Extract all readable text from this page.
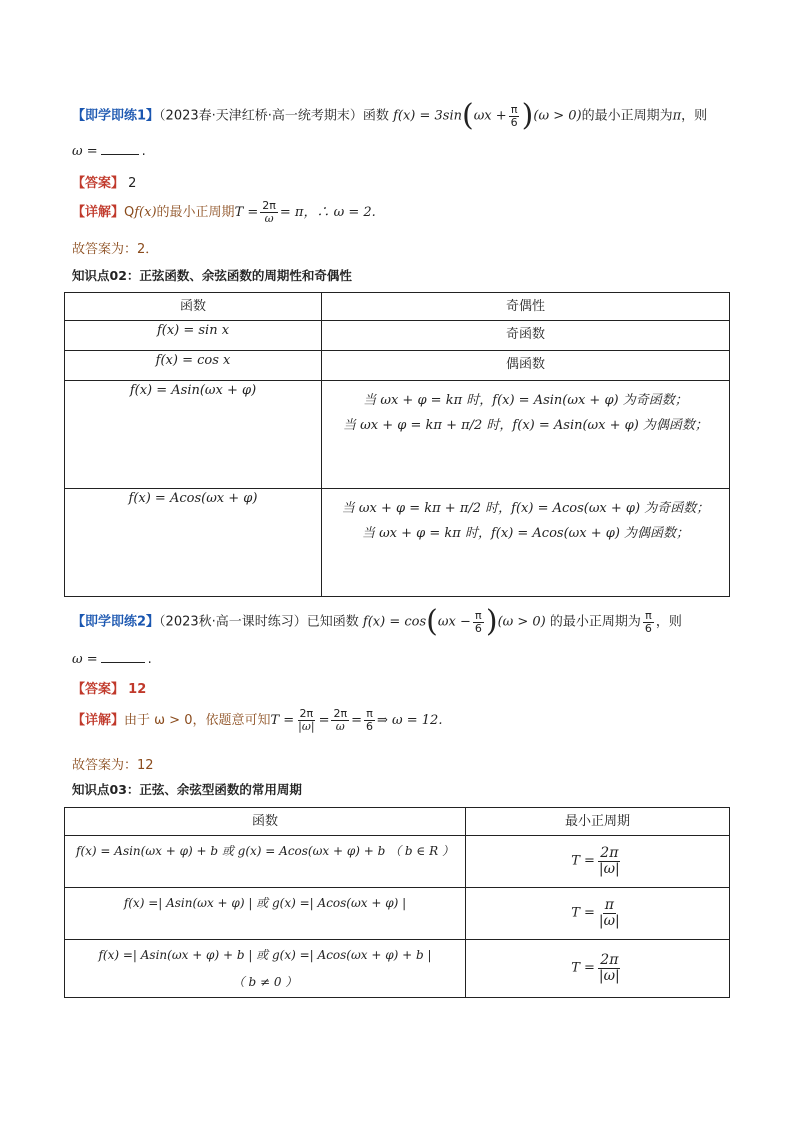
【即学即练1】（2023春·天津红桥·高一统考期末）函数 $f(x) = 3\sin(\omega x + \frac{\pi}{6} )(\omega > 0)$的最小正周期为π，则
ω =	.
【答案】 2
【详解】Qf(x)的最小正周期$T = \frac{2\pi}{\omega} = \pi$，∴ ω = 2.
故答案为：2．
知识点02：正弦函数、余弦函数的周期性和奇偶性
函数	奇偶性
f(x) = sin x	奇函数
f(x) = cos x	偶函数
f(x) = Asin(ωx + φ)	当 ωx + φ = kπ 时，f(x) = Asin(ωx + φ) 为奇函数；
当 ωx + φ = kπ + π/2 时，f(x) = Asin(ωx + φ) 为偶函数；

f(x) = Acos(ωx + φ)	当 ωx + φ = kπ + π/2 时，f(x) = Acos(ωx + φ) 为奇函数；
当 ωx + φ = kπ 时，f(x) = Acos(ωx + φ) 为偶函数；
【即学即练2】（2023秋·高一课时练习）已知函数 $f(x) = \cos(\omega x - \frac{\pi}{6} )(\omega > 0)$ 的最小正周期为 $\frac{\pi}{6}$ ，则
ω =	.
【答案】 12
【详解】由于 ω > 0，依题意可知$T = \frac{2\pi}{|\omega|} = \frac{2\pi}{\omega} = \frac{\pi}{6}$ ⇒ ω = 12.
故答案为：12
知识点03：正弦、余弦型函数的常用周期
函数	最小正周期
f(x) = Asin(ωx + φ) + b 或 g(x) = Acos(ωx + φ) + b （ b ∈ R ）	$T = \frac{2\pi}{|\omega|}$

f(x) =| Asin(ωx + φ) | 或 g(x) =| Acos(ωx + φ) |	$T = \frac{\pi}{|\omega|}$

f(x) =| Asin(ωx + φ) + b | 或 g(x) =| Acos(ωx + φ) + b |
（ b ≠ 0 ）	$T = \frac{2\pi}{|\omega|}$
